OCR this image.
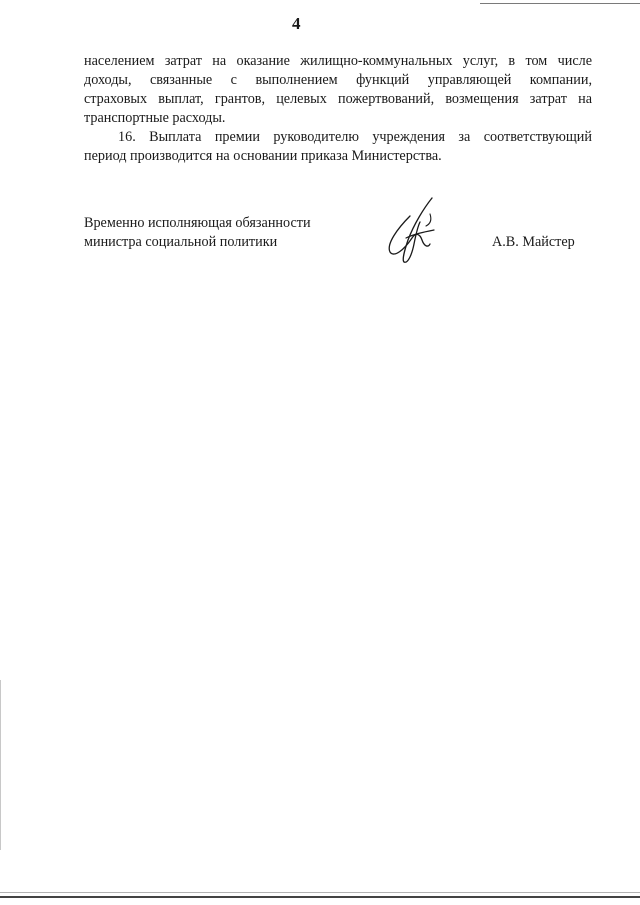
4

населением затрат на оказание жилищно-коммунальных услуг, в том числе
доходы, связанные с выполнением функций управляющей компании,
страховых выплат, грантов, целевых пожертвований, возмещения затрат на
транспортные расходы.

16. Выплата премии руководителю учреждения за соответствующий
период производится на основании приказа Министерства.

Временно исполняющая обязанности
министра социальной политики	А.В. Майстер
